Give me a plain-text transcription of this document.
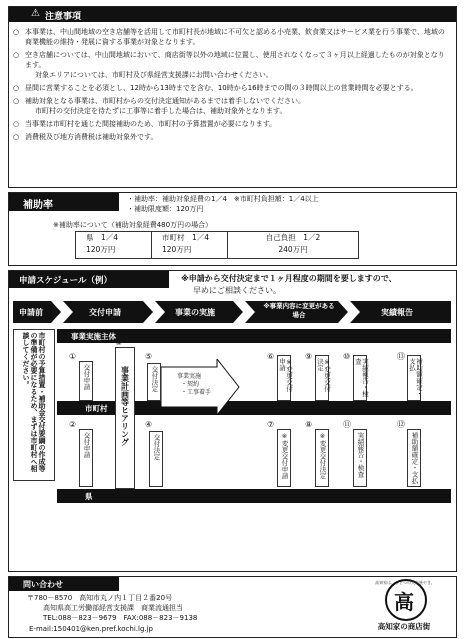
⚠ 注意事項
○ 本事業は、中山間地域の空き店舗等を活用して市町村長が地域に不可欠と認める小売業、飲食業又はサービス業を行う事業で、地域の商業機能の維持・発展に資する事業が対象となります。
○ 空き店舗については、中山間地域において、商店街等以外の地域に位置し、使用されなくなって３ヶ月以上経過したものが対象となります。
対象エリアについては、市町村及び県経営支援課にお問い合わせください。
○ 昼間に営業することを必須とし、12時から13時までを含む、10時から16時までの間の３時間以上の営業時間を必要とする。
○ 補助対象となる事業は、市町村からの交付決定通知があるまでは着手しないでください。
市町村の交付決定を待たずに工事等に着手した場合は、補助対象外となります。
○ 当事業は市町村を通じた間接補助のため、市町村の予算措置が必要になります。
○ 消費税及び地方消費税は補助対象外です。
補助率
・補助率：補助対象経費の1／4　※市町村負担額：1／4以上
・補助限度額：120万円
※補助率について（補助対象経費480万円の場合）
県　1／4
120万円
市町村　1／4
120万円
自己負担　1／2
240万円
申請スケジュール（例）	※申請から交付決定まで１ヶ月程度の期間を要しますので、
早めにご相談ください。
申請前	交付申請	事業の実施
※事業内容に変更がある場合	実績報告
市町村の予算措置・補助金交付要綱の作成等の準備が必要になるため、まずは市町村へ相談してください。	事業実施主体
市町村
県
事業計画等ヒアリング	事業実施
・契約
・工事着手
①
交付申請
⑤
交付決定
⑥
※変更交付申請
⑨
※変更交付決定
⑩
実績報告・検査
⑬
補助額確定・支払
②
交付申請
③
④
交付決定
⑦
※変更交付申請
⑧
※変更交付決定
⑪
実績報告・検査
⑫
補助額確定・支払
問い合わせ
〒780－8570　高知市丸ノ内１丁目２番20号
高知県高工労働部経営支援課　商業流通担当
TEL:088－823－9679　FAX:088－823－9138
E-mail:150401@ken.pref.kochi.lg.jp
高知家は、ひとつの大家族やき。
高
高知家の商店街
